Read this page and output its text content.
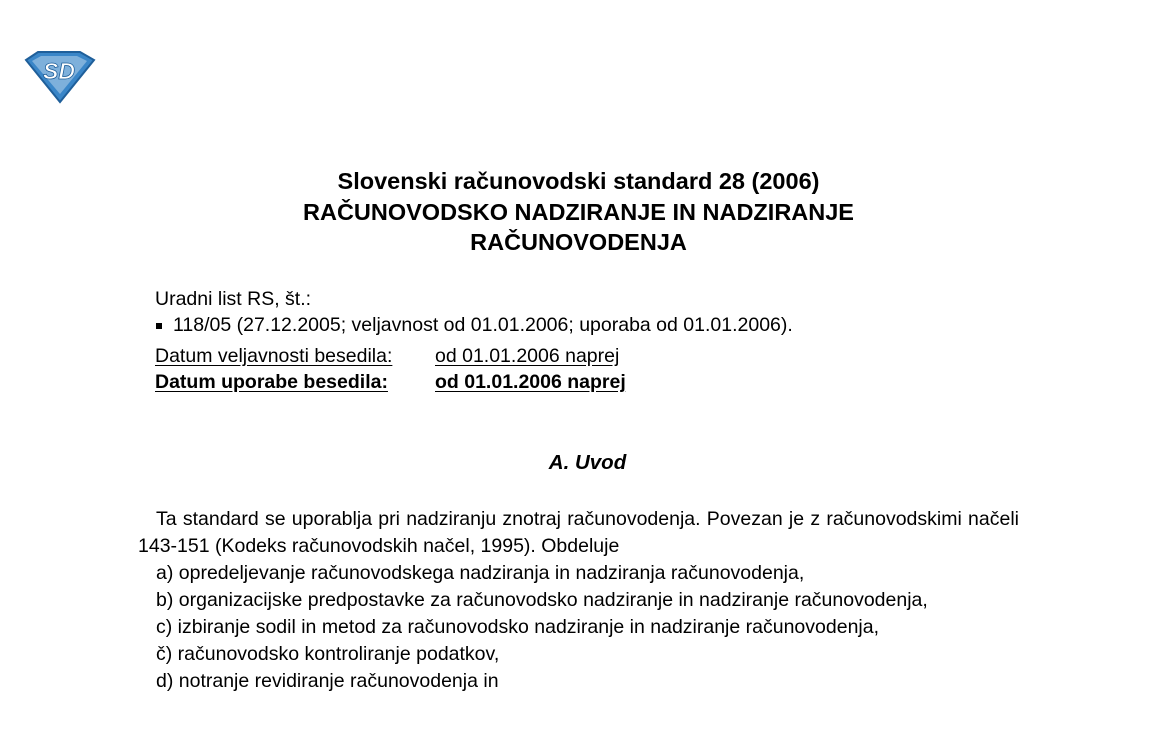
SD
Slovenski računovodski standard 28 (2006)
RAČUNOVODSKO NADZIRANJE IN NADZIRANJE
RAČUNOVODENJA
Uradni list RS, št.:
118/05 (27.12.2005; veljavnost od 01.01.2006; uporaba od 01.01.2006).
Datum veljavnosti besedila:	od 01.01.2006 naprej
Datum uporabe besedila:	od 01.01.2006 naprej
A. Uvod

Ta standard se uporablja pri nadziranju znotraj računovodenja. Povezan je z računovodskimi načeli 143-151 (Kodeks računovodskih načel, 1995). Obdeluje

a) opredeljevanje računovodskega nadziranja in nadziranja računovodenja,

b) organizacijske predpostavke za računovodsko nadziranje in nadziranje računovodenja,

c) izbiranje sodil in metod za računovodsko nadziranje in nadziranje računovodenja,

č) računovodsko kontroliranje podatkov,

d) notranje revidiranje računovodenja in
